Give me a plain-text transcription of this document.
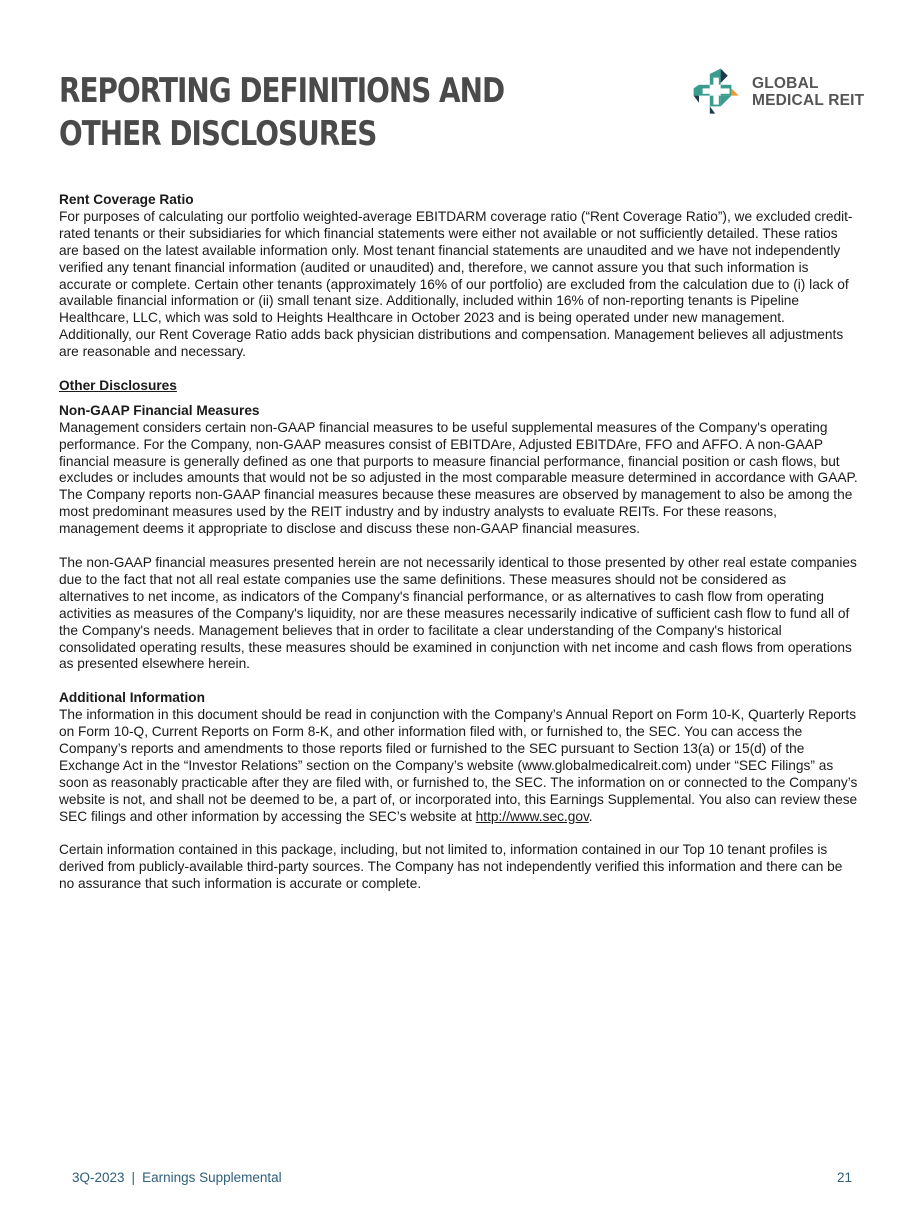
REPORTING DEFINITIONS AND
OTHER DISCLOSURES
GLOBAL
MEDICAL REIT

Rent Coverage Ratio

For purposes of calculating our portfolio weighted-average EBITDARM coverage ratio (“Rent Coverage Ratio”), we excluded credit-rated tenants or their subsidiaries for which financial statements were either not available or not sufficiently detailed. These ratios are based on the latest available information only. Most tenant financial statements are unaudited and we have not independently verified any tenant financial information (audited or unaudited) and, therefore, we cannot assure you that such information is accurate or complete. Certain other tenants (approximately 16% of our portfolio) are excluded from the calculation due to (i) lack of available financial information or (ii) small tenant size. Additionally, included within 16% of non-reporting tenants is Pipeline Healthcare, LLC, which was sold to Heights Healthcare in October 2023 and is being operated under new management. Additionally, our Rent Coverage Ratio adds back physician distributions and compensation. Management believes all adjustments are reasonable and necessary.

Other Disclosures

Non-GAAP Financial Measures

Management considers certain non-GAAP financial measures to be useful supplemental measures of the Company's operating performance. For the Company, non-GAAP measures consist of EBITDAre, Adjusted EBITDAre, FFO and AFFO. A non-GAAP financial measure is generally defined as one that purports to measure financial performance, financial position or cash flows, but excludes or includes amounts that would not be so adjusted in the most comparable measure determined in accordance with GAAP. The Company reports non-GAAP financial measures because these measures are observed by management to also be among the most predominant measures used by the REIT industry and by industry analysts to evaluate REITs. For these reasons, management deems it appropriate to disclose and discuss these non-GAAP financial measures.

The non-GAAP financial measures presented herein are not necessarily identical to those presented by other real estate companies due to the fact that not all real estate companies use the same definitions. These measures should not be considered as alternatives to net income, as indicators of the Company's financial performance, or as alternatives to cash flow from operating activities as measures of the Company's liquidity, nor are these measures necessarily indicative of sufficient cash flow to fund all of the Company's needs. Management believes that in order to facilitate a clear understanding of the Company's historical consolidated operating results, these measures should be examined in conjunction with net income and cash flows from operations as presented elsewhere herein.

Additional Information

The information in this document should be read in conjunction with the Company’s Annual Report on Form 10-K, Quarterly Reports on Form 10-Q, Current Reports on Form 8-K, and other information filed with, or furnished to, the SEC. You can access the Company’s reports and amendments to those reports filed or furnished to the SEC pursuant to Section 13(a) or 15(d) of the Exchange Act in the “Investor Relations” section on the Company’s website (www.globalmedicalreit.com) under “SEC Filings” as soon as reasonably practicable after they are filed with, or furnished to, the SEC. The information on or connected to the Company’s website is not, and shall not be deemed to be, a part of, or incorporated into, this Earnings Supplemental. You also can review these SEC filings and other information by accessing the SEC’s website at http://www.sec.gov.

Certain information contained in this package, including, but not limited to, information contained in our Top 10 tenant profiles is derived from publicly-available third-party sources. The Company has not independently verified this information and there can be no assurance that such information is accurate or complete.

3Q-2023 | Earnings Supplemental	21
